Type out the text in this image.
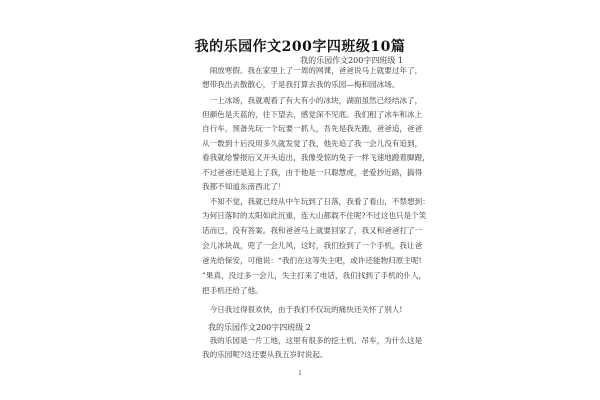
我的乐园作文200字四班级10篇
我的乐园作文200字四班级 1
　闹放寒假。我在家里上了一周的网课，爸爸说马上就要过年了，
想带我出去散散心，于是我打算去我的乐园—梅和园冰场。
　一上冰场，我就观看了有大有小的冰块，湖面虽然已经结冰了，
但颜色是天蓝的，往下望去，感觉深不见底。我们租了冰车和冰上
自行车，预备先玩一个玩要一抓人，吾先是我先跑，爸爸追，爸爸
从一数到十后没用多久就发觉了我，他先追了我一会儿没有追到，
看我就给警报后又开头追出，我像受惊的兔子一样飞速地蹬着脚蹬，
不过爸爸还是追上了我，由于他是一只聪慧虎，老爱抄近路，搞得
我都不知道东南西北了！
　不知不觉，我就已经从中午玩到了日落，我看了看山，不禁想到：
为何日落时的太阳如此沉重，连大山都载不住呢?不过这也只是个笑
话而已，没有答案。我和爸爸马上就要回家了，我又和爸爸打了一
会儿冰块战，兜了一会儿风，这时，我们捡到了一个手机，我让爸
爸先给保安，可他说：“我们在这等失主吧，或许还能物归原主呢!
”果真，没过多一会儿，失主打来了电话，我们找到了手机的仆人，
把手机还给了他。
　今日我过得很欢快，由于我们不仅玩的痛快还关怀了别人!
我的乐园作文200字四班级 2
　我的乐园是一片工地，这里有很多的挖土机、吊车，为什么这是
我的乐园呢?这还要从我五岁时说起。
1
